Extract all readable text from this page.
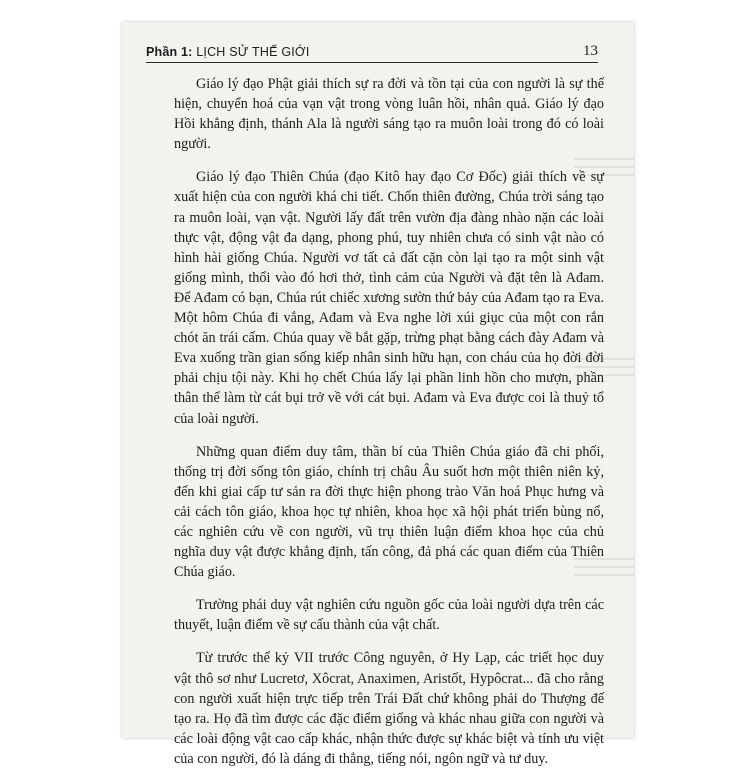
Phần 1: LỊCH SỬ THẾ GIỚI	13

Giáo lý đạo Phật giải thích sự ra đời và tồn tại của con người là sự thể hiện, chuyển hoá của vạn vật trong vòng luân hồi, nhân quả. Giáo lý đạo Hồi khẳng định, thánh Ala là người sáng tạo ra muôn loài trong đó có loài người.

Giáo lý đạo Thiên Chúa (đạo Kitô hay đạo Cơ Đốc) giải thích về sự xuất hiện của con người khá chi tiết. Chốn thiên đường, Chúa trời sáng tạo ra muôn loài, vạn vật. Người lấy đất trên vườn địa đàng nhào nặn các loài thực vật, động vật đa dạng, phong phú, tuy nhiên chưa có sinh vật nào có hình hài giống Chúa. Người vơ tất cả đất cặn còn lại tạo ra một sinh vật giống mình, thổi vào đó hơi thở, tình cảm của Người và đặt tên là Ađam. Để Ađam có bạn, Chúa rút chiếc xương sườn thứ bảy của Ađam tạo ra Eva. Một hôm Chúa đi vắng, Ađam và Eva nghe lời xúi giục của một con rắn chót ăn trái cấm. Chúa quay về bắt gặp, trừng phạt bằng cách đày Ađam và Eva xuống trần gian sống kiếp nhân sinh hữu hạn, con cháu của họ đời đời phải chịu tội này. Khi họ chết Chúa lấy lại phần linh hồn cho mượn, phần thân thể làm từ cát bụi trở về với cát bụi. Ađam và Eva được coi là thuỷ tổ của loài người.

Những quan điểm duy tâm, thần bí của Thiên Chúa giáo đã chi phối, thống trị đời sống tôn giáo, chính trị châu Âu suốt hơn một thiên niên kỷ, đến khi giai cấp tư sản ra đời thực hiện phong trào Văn hoá Phục hưng và cải cách tôn giáo, khoa học tự nhiên, khoa học xã hội phát triển bùng nổ, các nghiên cứu về con người, vũ trụ thiên luận điểm khoa học của chủ nghĩa duy vật được khẳng định, tấn công, đả phá các quan điểm của Thiên Chúa giáo.

Trường phái duy vật nghiên cứu nguồn gốc của loài người dựa trên các thuyết, luận điểm về sự cấu thành của vật chất.

Từ trước thế kỷ VII trước Công nguyên, ở Hy Lạp, các triết học duy vật thô sơ như Lucretơ, Xôcrat, Anaximen, Aristốt, Hypôcrat... đã cho rằng con người xuất hiện trực tiếp trên Trái Đất chứ không phải do Thượng đế tạo ra. Họ đã tìm được các đặc điểm giống và khác nhau giữa con người và các loài động vật cao cấp khác, nhận thức được sự khác biệt và tính ưu việt của con người, đó là dáng đi thẳng, tiếng nói, ngôn ngữ và tư duy.
